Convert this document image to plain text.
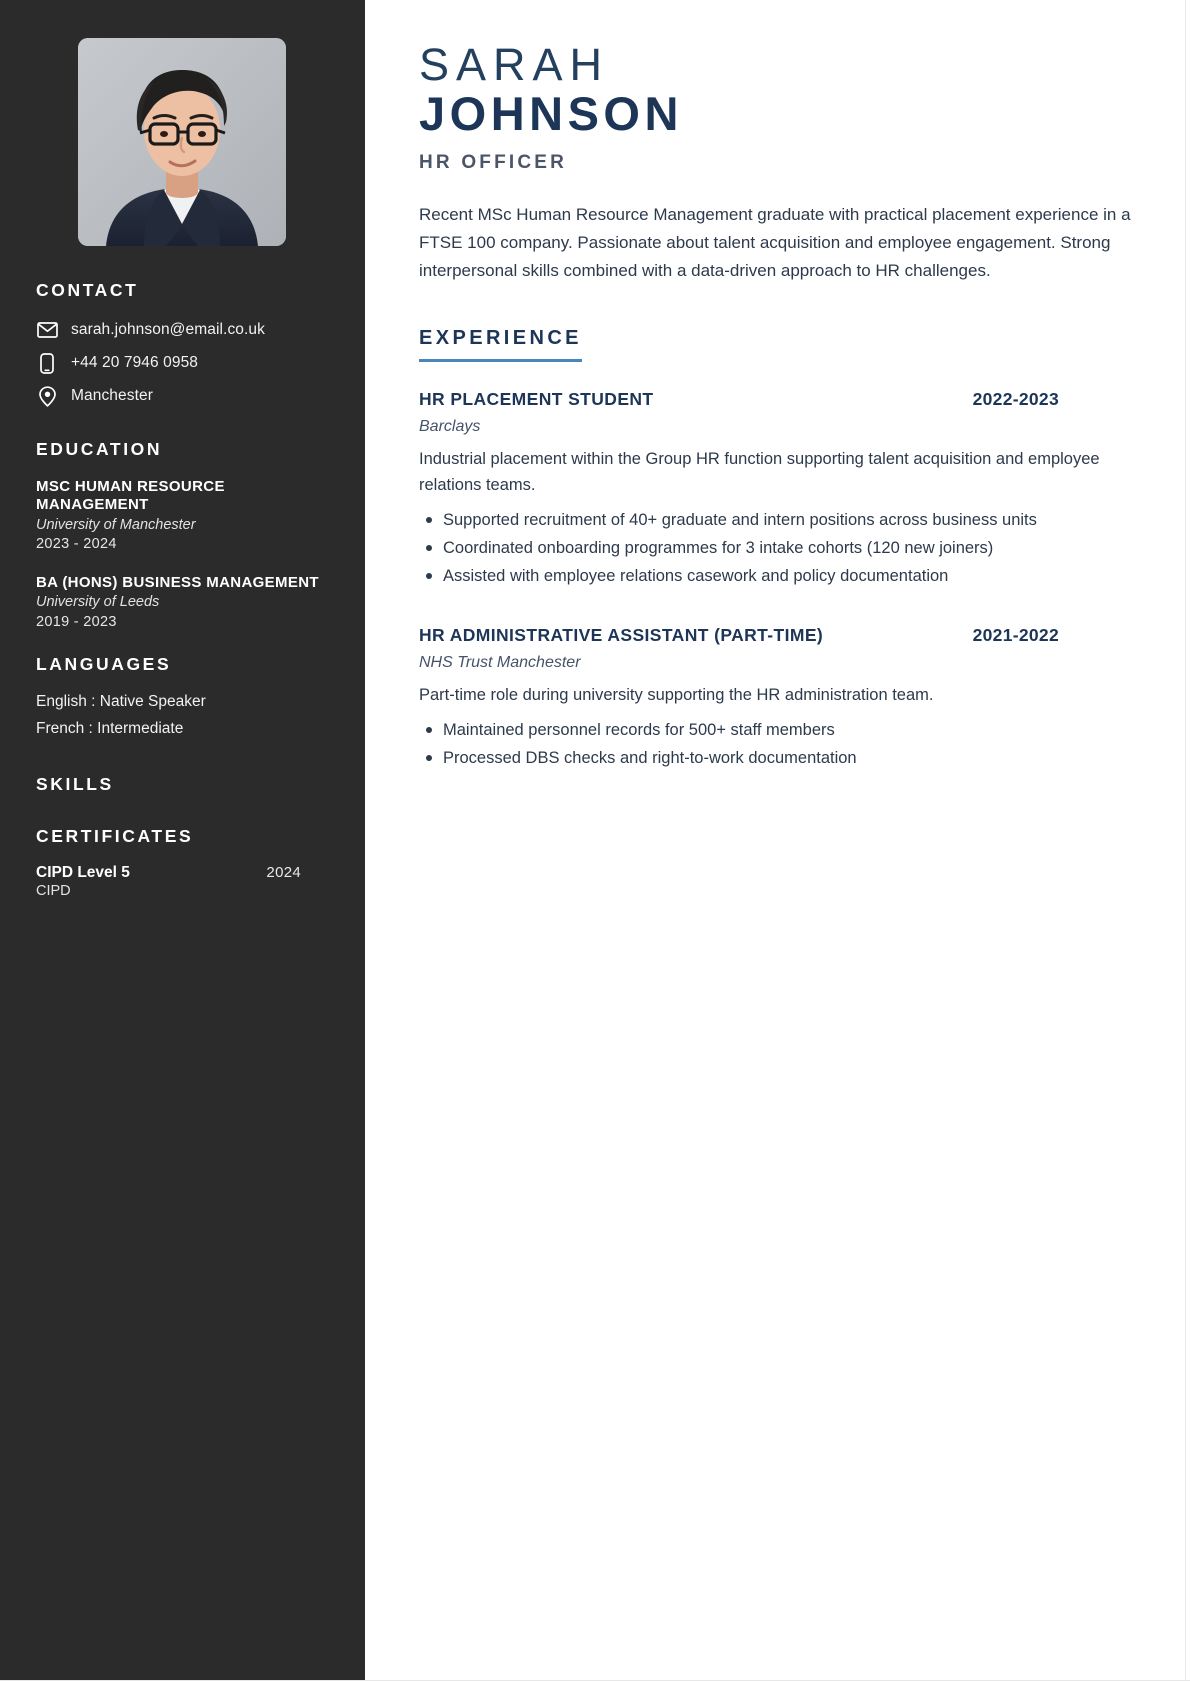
CONTACT
sarah.johnson@email.co.uk
+44 20 7946 0958
Manchester
EDUCATION
MSC HUMAN RESOURCE MANAGEMENT
University of Manchester
2023 - 2024
BA (HONS) BUSINESS MANAGEMENT
University of Leeds
2019 - 2023
LANGUAGES
English : Native Speaker
French : Intermediate
SKILLS
CERTIFICATES
CIPD Level 5	2024
CIPD
SARAH
JOHNSON
HR OFFICER

Recent MSc Human Resource Management graduate with practical placement experience in a FTSE 100 company. Passionate about talent acquisition and employee engagement. Strong interpersonal skills combined with a data-driven approach to HR challenges.

EXPERIENCE
HR PLACEMENT STUDENT	2022-2023
Barclays
Industrial placement within the Group HR function supporting talent acquisition and employee relations teams.
Supported recruitment of 40+ graduate and intern positions across business units
Coordinated onboarding programmes for 3 intake cohorts (120 new joiners)
Assisted with employee relations casework and policy documentation
HR ADMINISTRATIVE ASSISTANT (PART-TIME)	2021-2022
NHS Trust Manchester
Part-time role during university supporting the HR administration team.
Maintained personnel records for 500+ staff members
Processed DBS checks and right-to-work documentation
